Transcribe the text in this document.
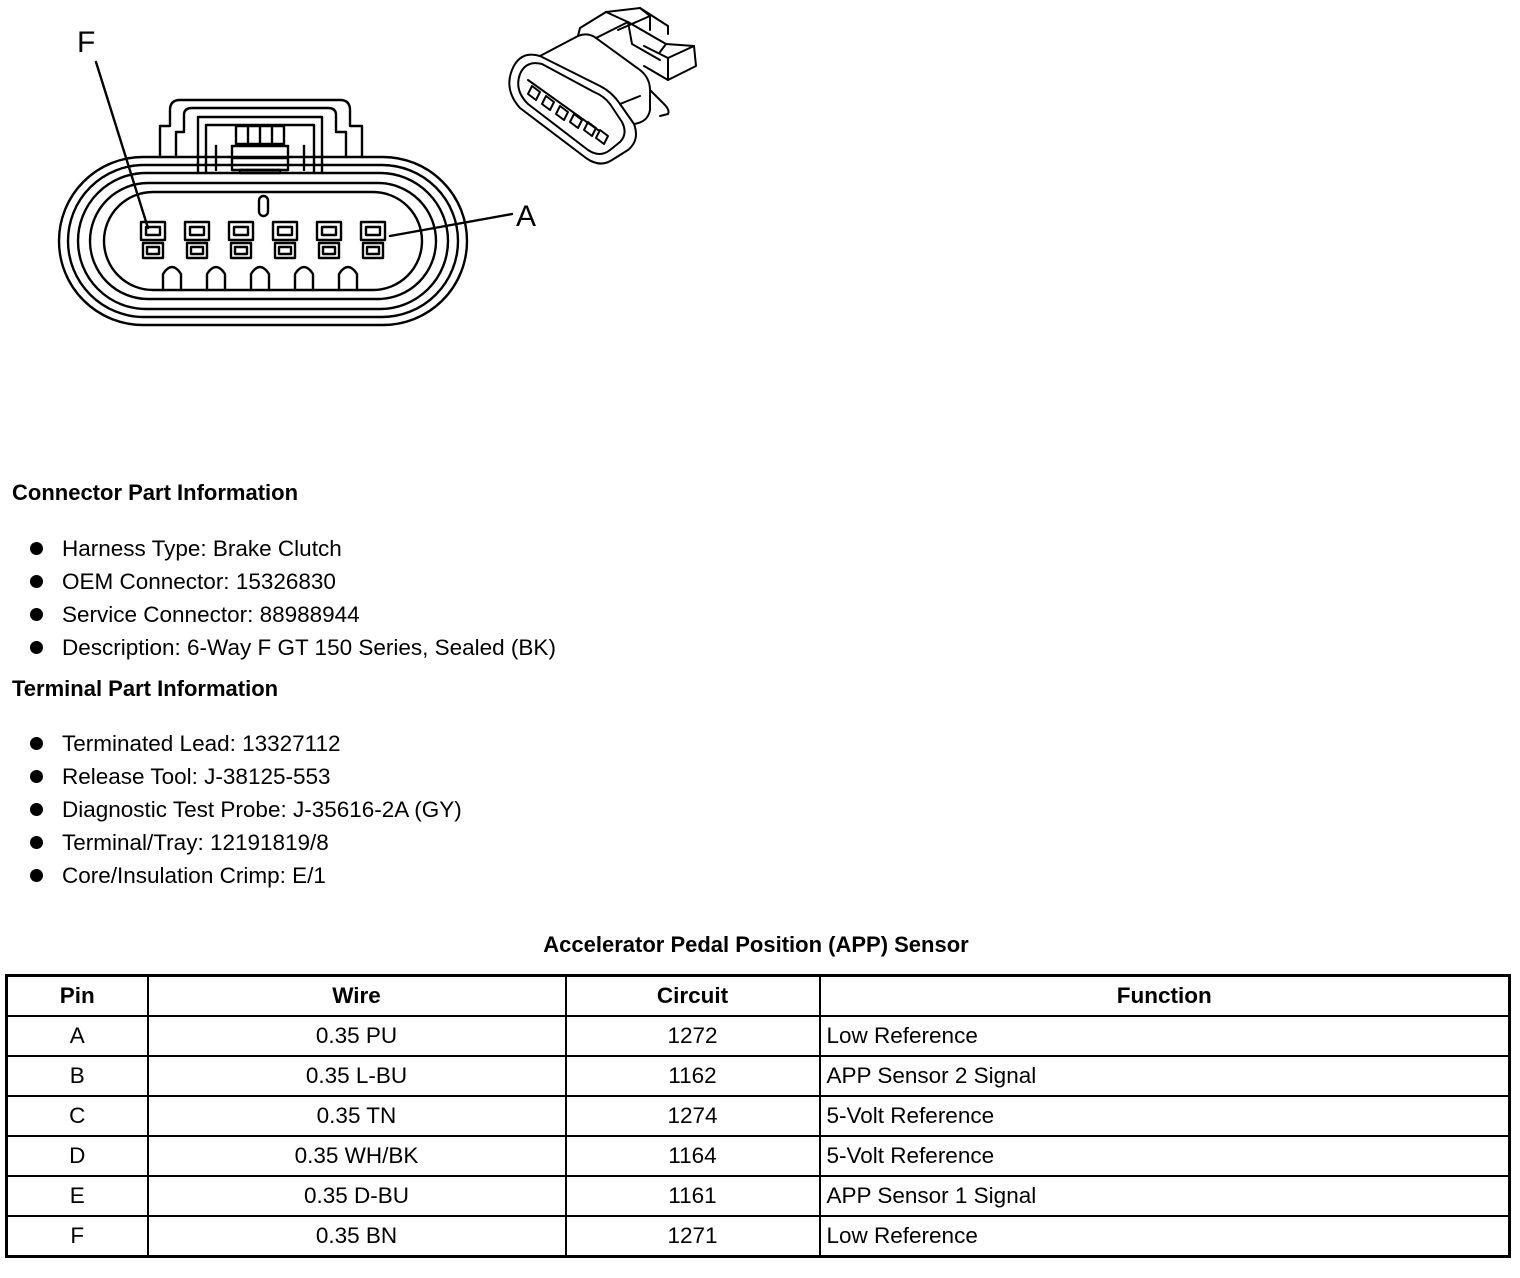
F
A
Connector Part Information
Harness Type: Brake Clutch
OEM Connector: 15326830
Service Connector: 88988944
Description: 6-Way F GT 150 Series, Sealed (BK)
Terminal Part Information
Terminated Lead: 13327112
Release Tool: J-38125-553
Diagnostic Test Probe: J-35616-2A (GY)
Terminal/Tray: 12191819/8
Core/Insulation Crimp: E/1
Accelerator Pedal Position (APP) Sensor
Pin	Wire	Circuit	Function
A	0.35 PU	1272	Low Reference
B	0.35 L-BU	1162	APP Sensor 2 Signal
C	0.35 TN	1274	5-Volt Reference
D	0.35 WH/BK	1164	5-Volt Reference
E	0.35 D-BU	1161	APP Sensor 1 Signal
F	0.35 BN	1271	Low Reference
